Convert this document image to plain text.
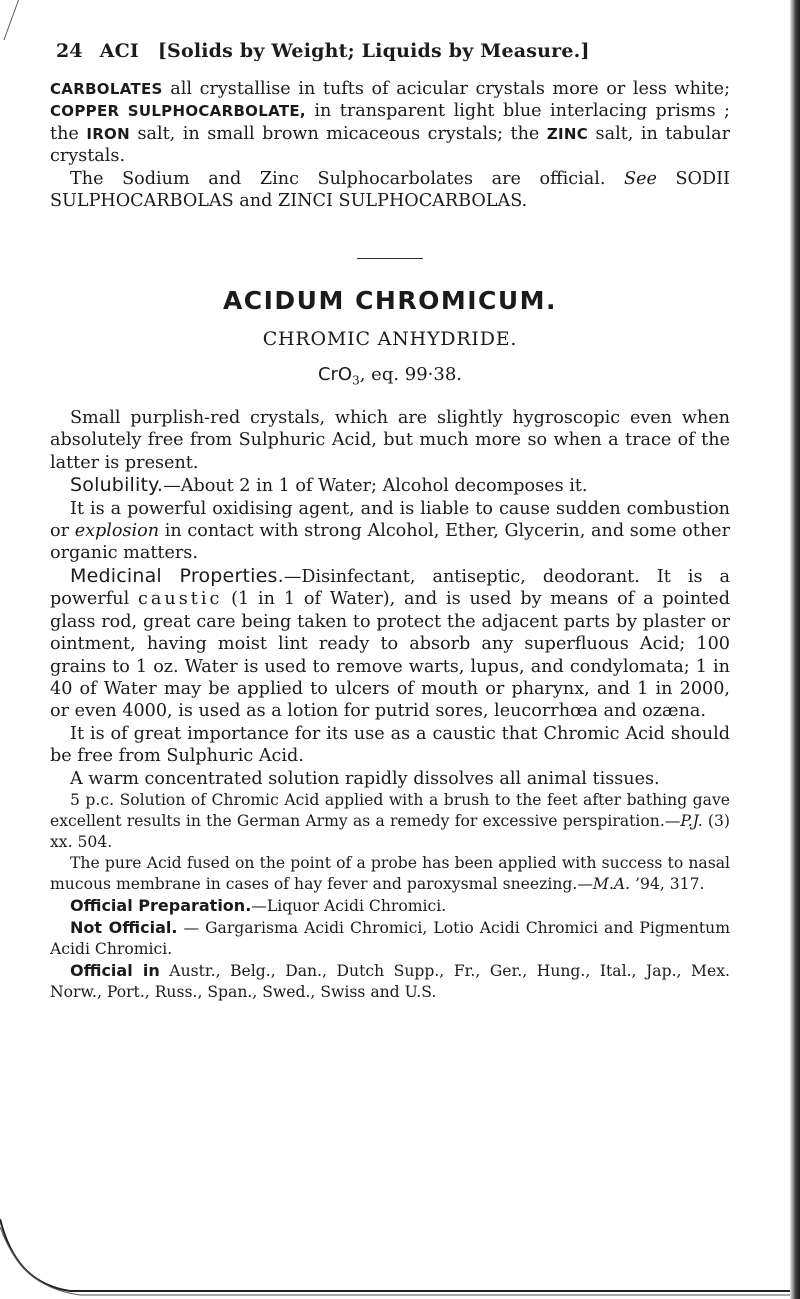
24 ACI [Solids by Weight; Liquids by Measure.]

CARBOLATES all crystallise in tufts of acicular crystals more or less white; COPPER SULPHOCARBOLATE, in transparent light blue interlacing prisms ; the IRON salt, in small brown micaceous crystals; the ZINC salt, in tabular crystals.

The Sodium and Zinc Sulphocarbolates are official. See SODII SULPHOCARBOLAS and ZINCI SULPHOCARBOLAS.

ACIDUM CHROMICUM.
CHROMIC ANHYDRIDE.
CrO$_3$, eq. 99·38.

Small purplish-red crystals, which are slightly hygroscopic even when absolutely free from Sulphuric Acid, but much more so when a trace of the latter is present.

Solubility.—About 2 in 1 of Water; Alcohol decomposes it.

It is a powerful oxidising agent, and is liable to cause sudden combustion or explosion in contact with strong Alcohol, Ether, Glycerin, and some other organic matters.

Medicinal Properties.—Disinfectant, antiseptic, deodorant. It is a powerful caustic (1 in 1 of Water), and is used by means of a pointed glass rod, great care being taken to protect the adjacent parts by plaster or ointment, having moist lint ready to absorb any superfluous Acid; 100 grains to 1 oz. Water is used to remove warts, lupus, and condylomata; 1 in 40 of Water may be applied to ulcers of mouth or pharynx, and 1 in 2000, or even 4000, is used as a lotion for putrid sores, leucorrhœa and ozæna.

It is of great importance for its use as a caustic that Chromic Acid should be free from Sulphuric Acid.

A warm concentrated solution rapidly dissolves all animal tissues.

5 p.c. Solution of Chromic Acid applied with a brush to the feet after bathing gave excellent results in the German Army as a remedy for excessive perspiration.—P.J. (3) xx. 504.

The pure Acid fused on the point of a probe has been applied with success to nasal mucous membrane in cases of hay fever and paroxysmal sneezing.—M.A. ’94, 317.

Official Preparation.—Liquor Acidi Chromici.

Not Official. — Gargarisma Acidi Chromici, Lotio Acidi Chromici and Pigmentum Acidi Chromici.

Official in Austr., Belg., Dan., Dutch Supp., Fr., Ger., Hung., Ital., Jap., Mex. Norw., Port., Russ., Span., Swed., Swiss and U.S.
